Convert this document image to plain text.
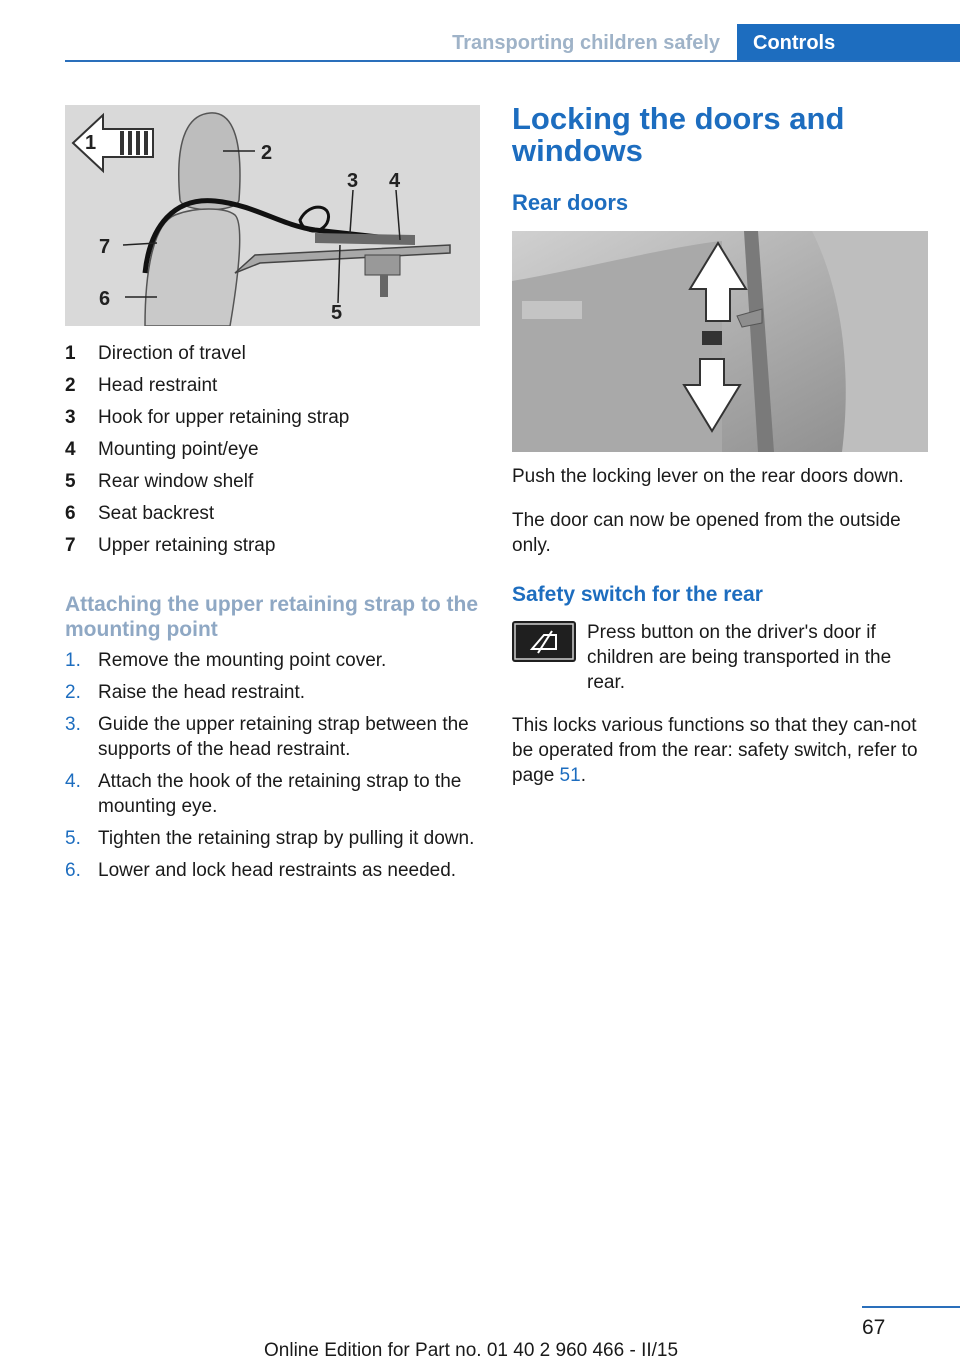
Transporting children safely	Controls
1	2
3 4
5
6
7
1	Direction of travel
2	Head restraint
3	Hook for upper retaining strap
4	Mounting point/eye
5	Rear window shelf
6	Seat backrest
7	Upper retaining strap
Attaching the upper retaining strap to the mounting point
1. Remove the mounting point cover.
2. Raise the head restraint.
3. Guide the upper retaining strap between the supports of the head restraint.
4. Attach the hook of the retaining strap to the mounting eye.
5. Tighten the retaining strap by pulling it down.
6. Lower and lock head restraints as needed.
Locking the doors and windows
Rear doors

Push the locking lever on the rear doors down.

The door can now be opened from the outside only.

Safety switch for the rear
Press button on the driver's door if children are being transported in the rear.

This locks various functions so that they can-not be operated from the rear: safety switch, refer to page 51.

67
Online Edition for Part no. 01 40 2 960 466 - II/15
